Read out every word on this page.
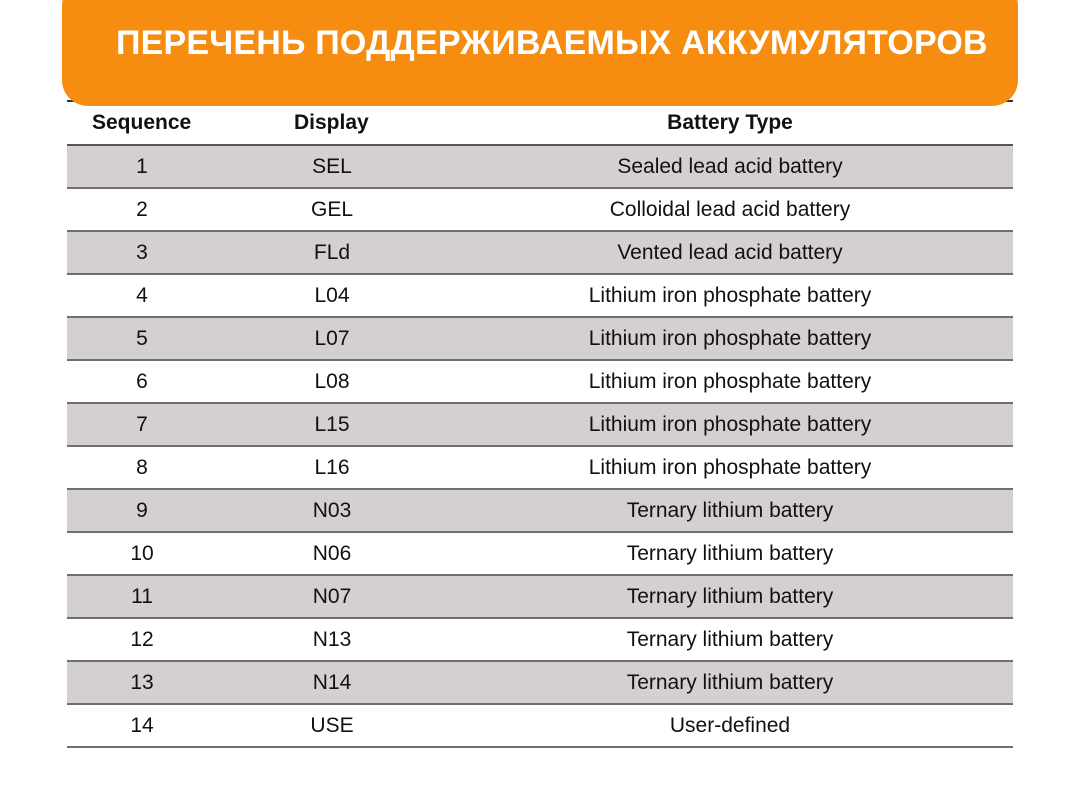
ПЕРЕЧЕНЬ ПОДДЕРЖИВАЕМЫХ АККУМУЛЯТОРОВ
Sequence	Display	Battery Type
1	SEL	Sealed lead acid battery
2	GEL	Colloidal lead acid battery
3	FLd	Vented lead acid battery
4	L04	Lithium iron phosphate battery
5	L07	Lithium iron phosphate battery
6	L08	Lithium iron phosphate battery
7	L15	Lithium iron phosphate battery
8	L16	Lithium iron phosphate battery
9	N03	Ternary lithium battery
10	N06	Ternary lithium battery
11	N07	Ternary lithium battery
12	N13	Ternary lithium battery
13	N14	Ternary lithium battery
14	USE	User-defined
